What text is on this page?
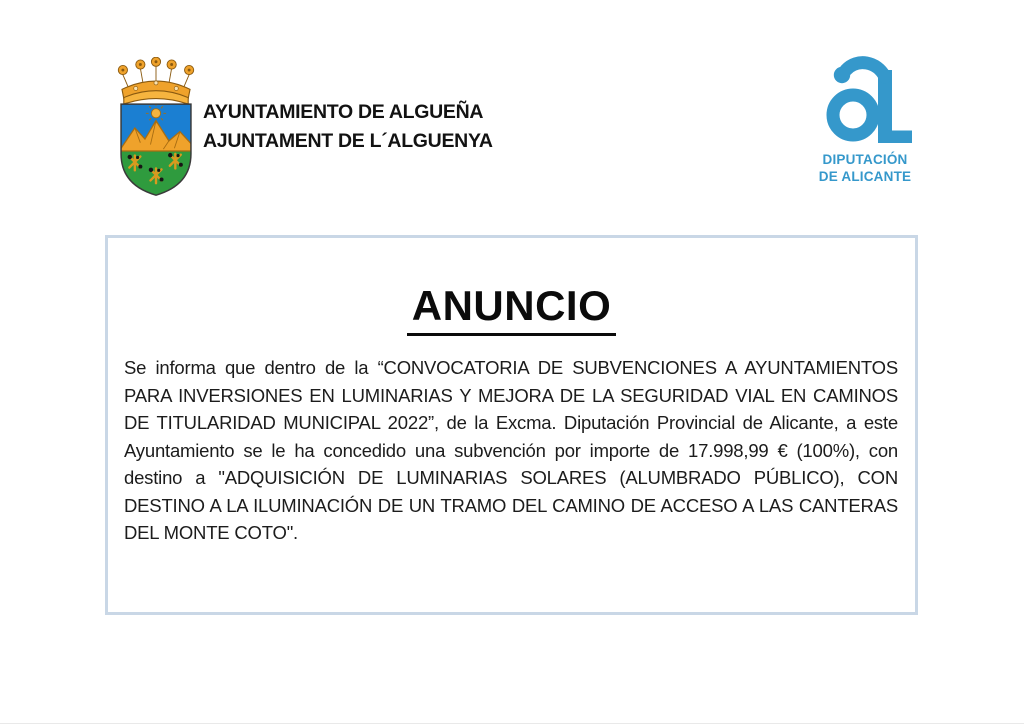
AYUNTAMIENTO DE ALGUEÑA
AJUNTAMENT DE L´ALGUENYA
DIPUTACIÓN
DE ALICANTE
ANUNCIO

Se informa que dentro de la “CONVOCATORIA DE SUBVENCIONES A AYUNTAMIENTOS PARA INVERSIONES EN LUMINARIAS Y MEJORA DE LA SEGURIDAD VIAL EN CAMINOS DE TITULARIDAD MUNICIPAL 2022”, de la Excma. Diputación Provincial de Alicante, a este Ayuntamiento se le ha concedido una subvención por importe de 17.998,99 € (100%), con destino a "ADQUISICIÓN DE LUMINARIAS SOLARES (ALUMBRADO PÚBLICO), CON DESTINO A LA ILUMINACIÓN DE UN TRAMO DEL CAMINO DE ACCESO A LAS CANTERAS DEL MONTE COTO".
